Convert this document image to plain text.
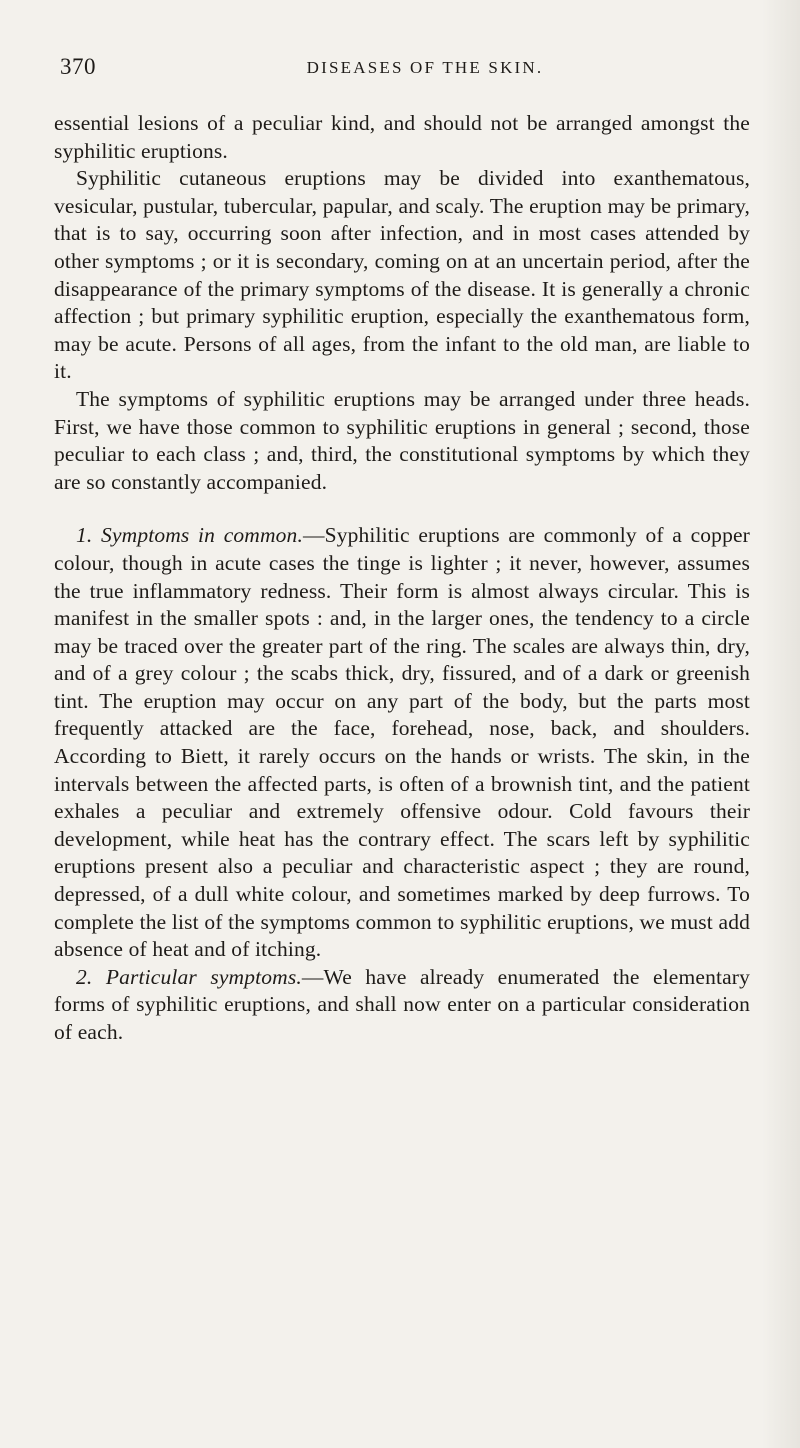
370	DISEASES OF THE SKIN.

essential lesions of a peculiar kind, and should not be arranged amongst the syphilitic eruptions.

Syphilitic cutaneous eruptions may be divided into exanthematous, vesicular, pustular, tubercular, papular, and scaly. The eruption may be primary, that is to say, occurring soon after infection, and in most cases attended by other symptoms ; or it is secondary, coming on at an uncertain period, after the disappearance of the primary symptoms of the disease. It is generally a chronic affection ; but primary syphilitic eruption, especially the exanthematous form, may be acute. Persons of all ages, from the infant to the old man, are liable to it.

The symptoms of syphilitic eruptions may be arranged under three heads. First, we have those common to syphilitic eruptions in general ; second, those peculiar to each class ; and, third, the constitutional symptoms by which they are so constantly accompanied.

1. Symptoms in common.—Syphilitic eruptions are commonly of a copper colour, though in acute cases the tinge is lighter ; it never, however, assumes the true inflammatory redness. Their form is almost always circular. This is manifest in the smaller spots : and, in the larger ones, the tendency to a circle may be traced over the greater part of the ring. The scales are always thin, dry, and of a grey colour ; the scabs thick, dry, fissured, and of a dark or greenish tint. The eruption may occur on any part of the body, but the parts most frequently attacked are the face, forehead, nose, back, and shoulders. According to Biett, it rarely occurs on the hands or wrists. The skin, in the intervals between the affected parts, is often of a brownish tint, and the patient exhales a peculiar and extremely offensive odour. Cold favours their development, while heat has the contrary effect. The scars left by syphilitic eruptions present also a peculiar and characteristic aspect ; they are round, depressed, of a dull white colour, and sometimes marked by deep furrows. To complete the list of the symptoms common to syphilitic eruptions, we must add absence of heat and of itching.

2. Particular symptoms.—We have already enumerated the elementary forms of syphilitic eruptions, and shall now enter on a particular consideration of each.
